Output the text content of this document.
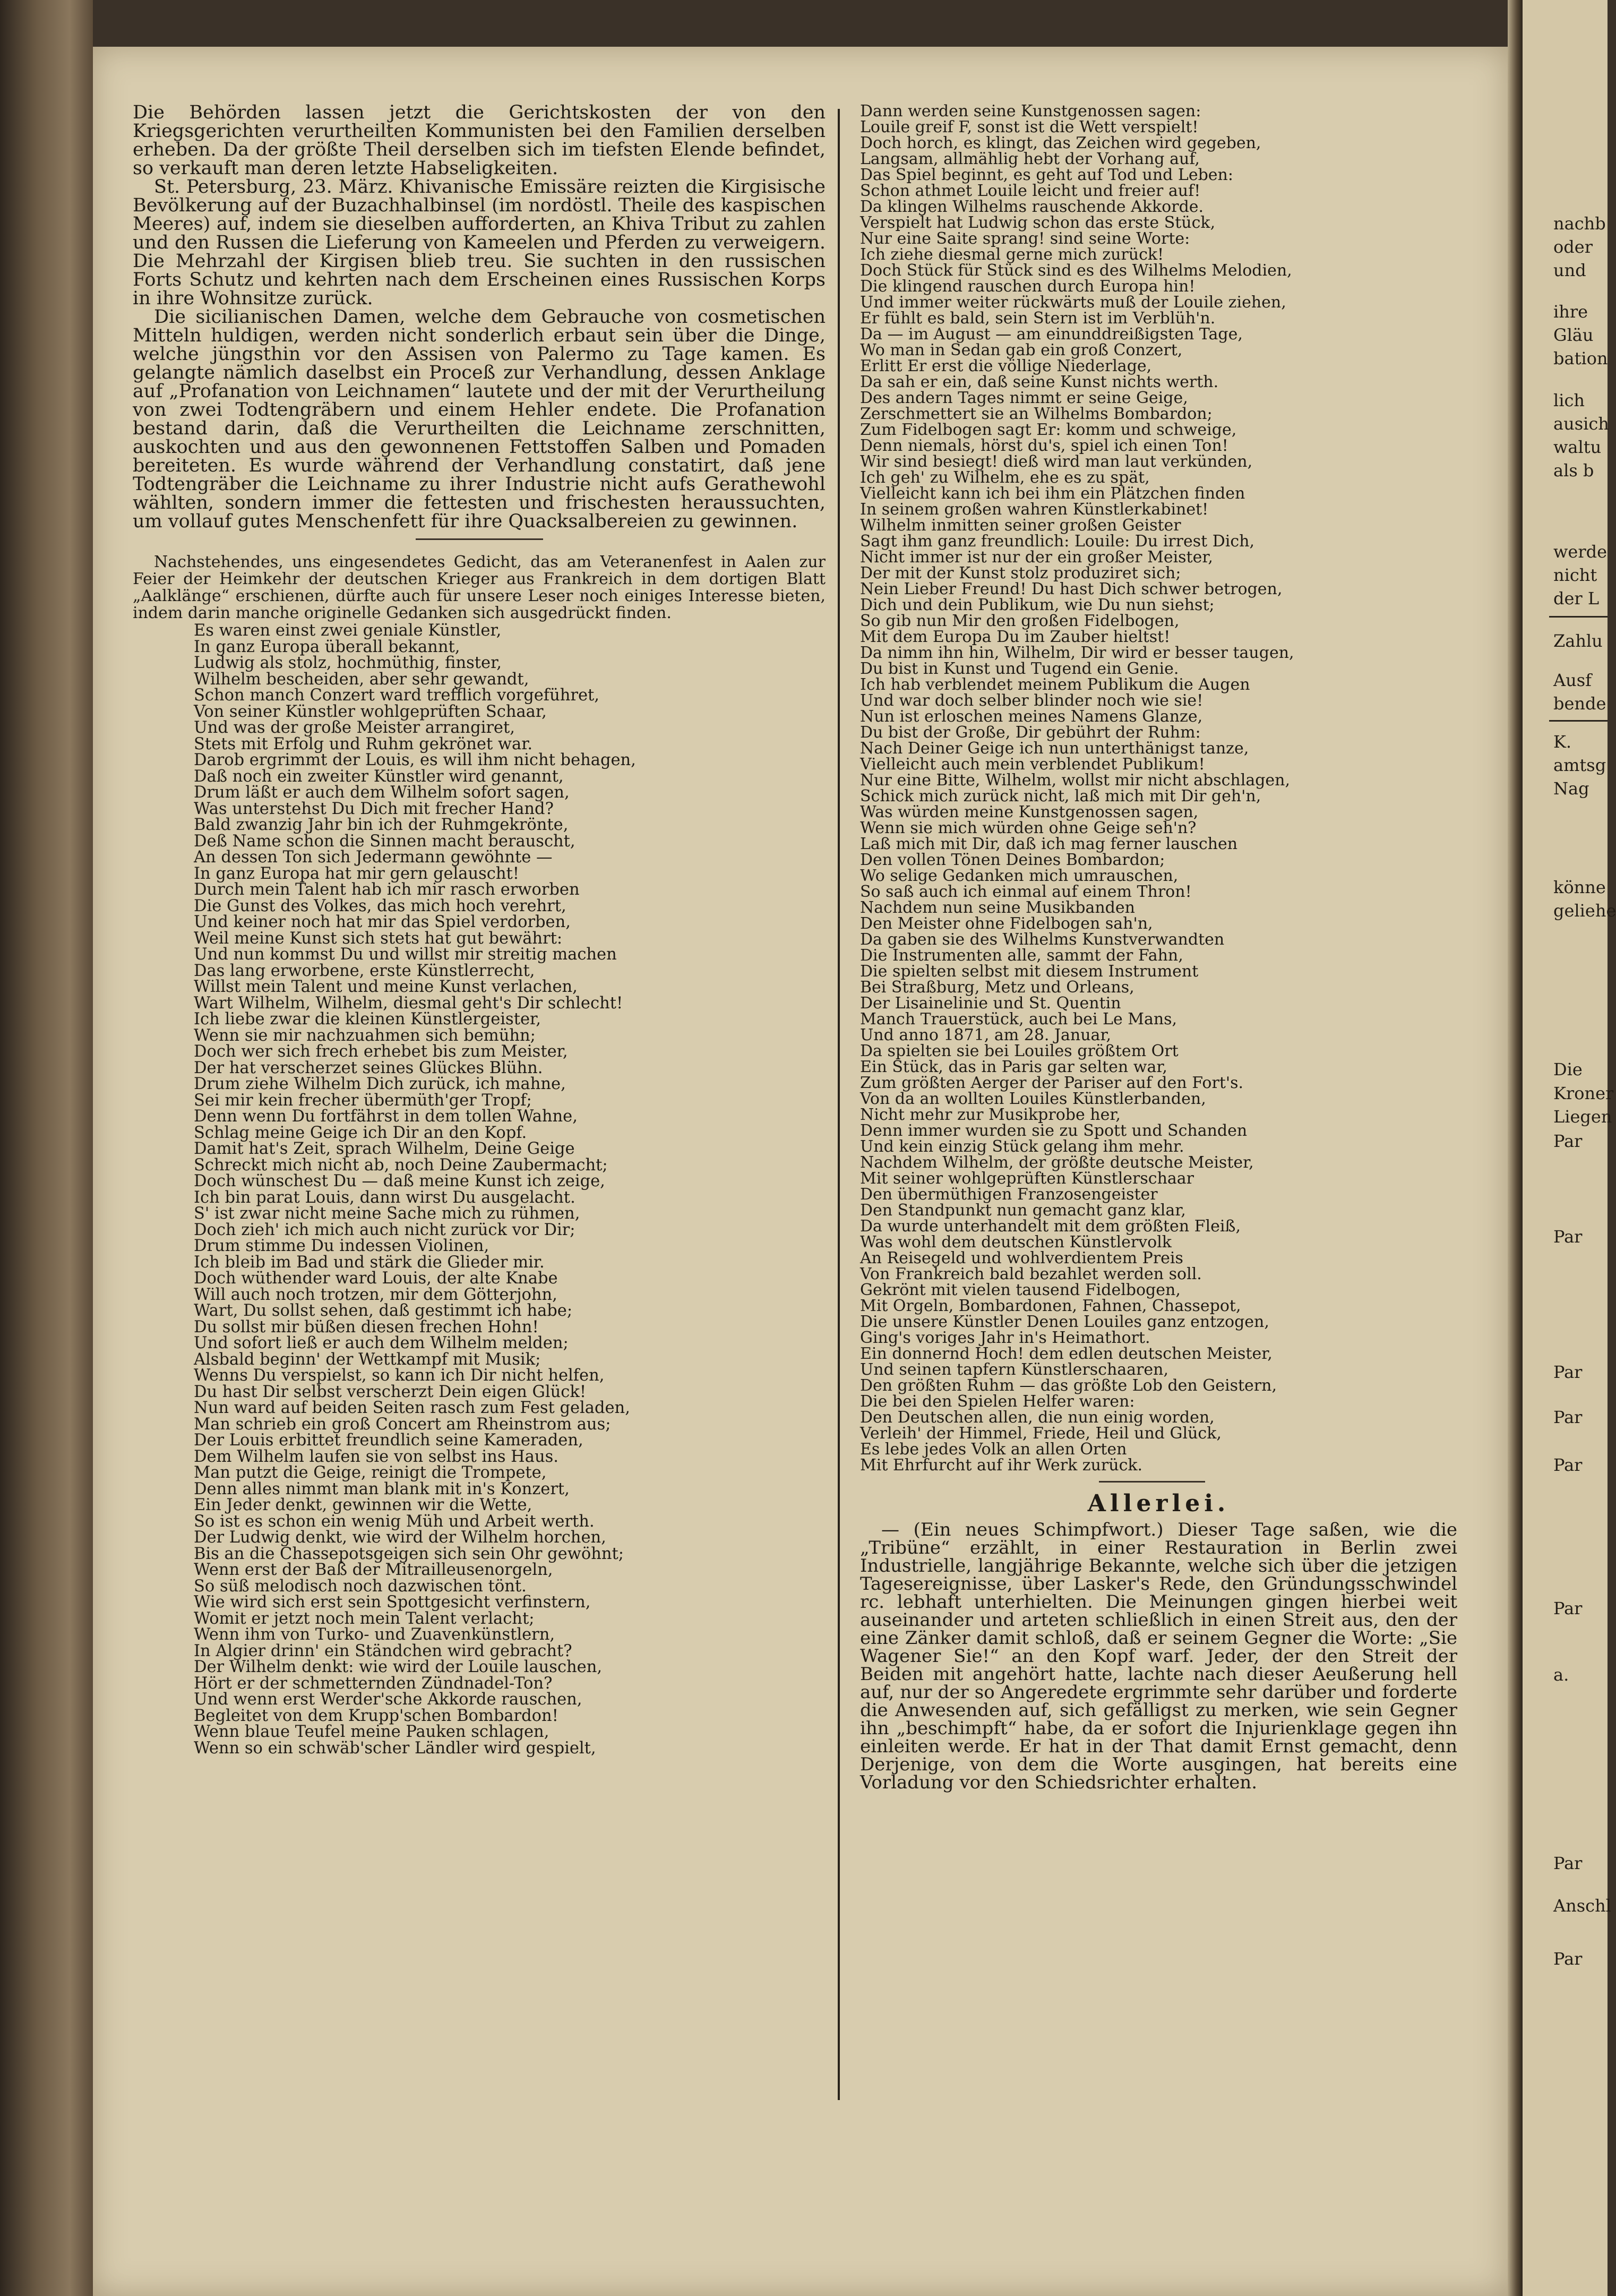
nachb
oder
und
ihre
Gläu
bation
lich
ausich
waltu
als b
werde
nicht
der L
Zahlu
Ausf
bende
K.
amtsg
Nag
könne
geliehe
Die
Kroner
Liegen
Par
Par
Par
Par
Par
Par
a.
Par
Anschl
Par

Die Behörden lassen jetzt die Gerichtskosten der von den Kriegsgerichten verurtheilten Kommunisten bei den Familien derselben erheben. Da der größte Theil derselben sich im tiefsten Elende befindet, so verkauft man deren letzte Habseligkeiten.

St. Petersburg, 23. März. Khivanische Emissäre reizten die Kirgisische Bevölkerung auf der Buzachhalbinsel (im nordöstl. Theile des kaspischen Meeres) auf, indem sie dieselben aufforderten, an Khiva Tribut zu zahlen und den Russen die Lieferung von Kameelen und Pferden zu verweigern. Die Mehrzahl der Kirgisen blieb treu. Sie suchten in den russischen Forts Schutz und kehrten nach dem Erscheinen eines Russischen Korps in ihre Wohnsitze zurück.

Die sicilianischen Damen, welche dem Gebrauche von cosmetischen Mitteln huldigen, werden nicht sonderlich erbaut sein über die Dinge, welche jüngsthin vor den Assisen von Palermo zu Tage kamen. Es gelangte nämlich daselbst ein Proceß zur Verhandlung, dessen Anklage auf „Profanation von Leichnamen“ lautete und der mit der Verurtheilung von zwei Todtengräbern und einem Hehler endete. Die Profanation bestand darin, daß die Verurtheilten die Leichname zerschnitten, auskochten und aus den gewonnenen Fettstoffen Salben und Pomaden bereiteten. Es wurde während der Verhandlung constatirt, daß jene Todtengräber die Leichname zu ihrer Industrie nicht aufs Gerathewohl wählten, sondern immer die fettesten und frischesten heraussuchten, um vollauf gutes Menschenfett für ihre Quacksalbereien zu gewinnen.

Nachstehendes, uns eingesendetes Gedicht, das am Veteranenfest in Aalen zur Feier der Heimkehr der deutschen Krieger aus Frankreich in dem dortigen Blatt „Aalklänge“ erschienen, dürfte auch für unsere Leser noch einiges Interesse bieten, indem darin manche originelle Gedanken sich ausgedrückt finden.

Es waren einst zwei geniale Künstler,
In ganz Europa überall bekannt,
Ludwig als stolz, hochmüthig, finster,
Wilhelm bescheiden, aber sehr gewandt,
Schon manch Conzert ward trefflich vorgeführet,
Von seiner Künstler wohlgeprüften Schaar,
Und was der große Meister arrangiret,
Stets mit Erfolg und Ruhm gekrönet war.
Darob ergrimmt der Louis, es will ihm nicht behagen,
Daß noch ein zweiter Künstler wird genannt,
Drum läßt er auch dem Wilhelm sofort sagen,
Was unterstehst Du Dich mit frecher Hand?
Bald zwanzig Jahr bin ich der Ruhmgekrönte,
Deß Name schon die Sinnen macht berauscht,
An dessen Ton sich Jedermann gewöhnte —
In ganz Europa hat mir gern gelauscht!
Durch mein Talent hab ich mir rasch erworben
Die Gunst des Volkes, das mich hoch verehrt,
Und keiner noch hat mir das Spiel verdorben,
Weil meine Kunst sich stets hat gut bewährt:
Und nun kommst Du und willst mir streitig machen
Das lang erworbene, erste Künstlerrecht,
Willst mein Talent und meine Kunst verlachen,
Wart Wilhelm, Wilhelm, diesmal geht's Dir schlecht!
Ich liebe zwar die kleinen Künstlergeister,
Wenn sie mir nachzuahmen sich bemühn;
Doch wer sich frech erhebet bis zum Meister,
Der hat verscherzet seines Glückes Blühn.
Drum ziehe Wilhelm Dich zurück, ich mahne,
Sei mir kein frecher übermüth'ger Tropf;
Denn wenn Du fortfährst in dem tollen Wahne,
Schlag meine Geige ich Dir an den Kopf.
Damit hat's Zeit, sprach Wilhelm, Deine Geige
Schreckt mich nicht ab, noch Deine Zaubermacht;
Doch wünschest Du — daß meine Kunst ich zeige,
Ich bin parat Louis, dann wirst Du ausgelacht.
S' ist zwar nicht meine Sache mich zu rühmen,
Doch zieh' ich mich auch nicht zurück vor Dir;
Drum stimme Du indessen Violinen,
Ich bleib im Bad und stärk die Glieder mir.
Doch wüthender ward Louis, der alte Knabe
Will auch noch trotzen, mir dem Götterjohn,
Wart, Du sollst sehen, daß gestimmt ich habe;
Du sollst mir büßen diesen frechen Hohn!
Und sofort ließ er auch dem Wilhelm melden;
Alsbald beginn' der Wettkampf mit Musik;
Wenns Du verspielst, so kann ich Dir nicht helfen,
Du hast Dir selbst verscherzt Dein eigen Glück!
Nun ward auf beiden Seiten rasch zum Fest geladen,
Man schrieb ein groß Concert am Rheinstrom aus;
Der Louis erbittet freundlich seine Kameraden,
Dem Wilhelm laufen sie von selbst ins Haus.
Man putzt die Geige, reinigt die Trompete,
Denn alles nimmt man blank mit in's Konzert,
Ein Jeder denkt, gewinnen wir die Wette,
So ist es schon ein wenig Müh und Arbeit werth.
Der Ludwig denkt, wie wird der Wilhelm horchen,
Bis an die Chassepotsgeigen sich sein Ohr gewöhnt;
Wenn erst der Baß der Mitrailleusenorgeln,
So süß melodisch noch dazwischen tönt.
Wie wird sich erst sein Spottgesicht verfinstern,
Womit er jetzt noch mein Talent verlacht;
Wenn ihm von Turko- und Zuavenkünstlern,
In Algier drinn' ein Ständchen wird gebracht?
Der Wilhelm denkt: wie wird der Louile lauschen,
Hört er der schmetternden Zündnadel-Ton?
Und wenn erst Werder'sche Akkorde rauschen,
Begleitet von dem Krupp'schen Bombardon!
Wenn blaue Teufel meine Pauken schlagen,
Wenn so ein schwäb'scher Ländler wird gespielt,
Dann werden seine Kunstgenossen sagen:
Louile greif F, sonst ist die Wett verspielt!
Doch horch, es klingt, das Zeichen wird gegeben,
Langsam, allmählig hebt der Vorhang auf,
Das Spiel beginnt, es geht auf Tod und Leben:
Schon athmet Louile leicht und freier auf!
Da klingen Wilhelms rauschende Akkorde.
Verspielt hat Ludwig schon das erste Stück,
Nur eine Saite sprang! sind seine Worte:
Ich ziehe diesmal gerne mich zurück!
Doch Stück für Stück sind es des Wilhelms Melodien,
Die klingend rauschen durch Europa hin!
Und immer weiter rückwärts muß der Louile ziehen,
Er fühlt es bald, sein Stern ist im Verblüh'n.
Da — im August — am einunddreißigsten Tage,
Wo man in Sedan gab ein groß Conzert,
Erlitt Er erst die völlige Niederlage,
Da sah er ein, daß seine Kunst nichts werth.
Des andern Tages nimmt er seine Geige,
Zerschmettert sie an Wilhelms Bombardon;
Zum Fidelbogen sagt Er: komm und schweige,
Denn niemals, hörst du's, spiel ich einen Ton!
Wir sind besiegt! dieß wird man laut verkünden,
Ich geh' zu Wilhelm, ehe es zu spät,
Vielleicht kann ich bei ihm ein Plätzchen finden
In seinem großen wahren Künstlerkabinet!
Wilhelm inmitten seiner großen Geister
Sagt ihm ganz freundlich: Louile: Du irrest Dich,
Nicht immer ist nur der ein großer Meister,
Der mit der Kunst stolz produziret sich;
Nein Lieber Freund! Du hast Dich schwer betrogen,
Dich und dein Publikum, wie Du nun siehst;
So gib nun Mir den großen Fidelbogen,
Mit dem Europa Du im Zauber hieltst!
Da nimm ihn hin, Wilhelm, Dir wird er besser taugen,
Du bist in Kunst und Tugend ein Genie.
Ich hab verblendet meinem Publikum die Augen
Und war doch selber blinder noch wie sie!
Nun ist erloschen meines Namens Glanze,
Du bist der Große, Dir gebührt der Ruhm:
Nach Deiner Geige ich nun unterthänigst tanze,
Vielleicht auch mein verblendet Publikum!
Nur eine Bitte, Wilhelm, wollst mir nicht abschlagen,
Schick mich zurück nicht, laß mich mit Dir geh'n,
Was würden meine Kunstgenossen sagen,
Wenn sie mich würden ohne Geige seh'n?
Laß mich mit Dir, daß ich mag ferner lauschen
Den vollen Tönen Deines Bombardon;
Wo selige Gedanken mich umrauschen,
So saß auch ich einmal auf einem Thron!
Nachdem nun seine Musikbanden
Den Meister ohne Fidelbogen sah'n,
Da gaben sie des Wilhelms Kunstverwandten
Die Instrumenten alle, sammt der Fahn,
Die spielten selbst mit diesem Instrument
Bei Straßburg, Metz und Orleans,
Der Lisainelinie und St. Quentin
Manch Trauerstück, auch bei Le Mans,
Und anno 1871, am 28. Januar,
Da spielten sie bei Louiles größtem Ort
Ein Stück, das in Paris gar selten war,
Zum größten Aerger der Pariser auf den Fort's.
Von da an wollten Louiles Künstlerbanden,
Nicht mehr zur Musikprobe her,
Denn immer wurden sie zu Spott und Schanden
Und kein einzig Stück gelang ihm mehr.
Nachdem Wilhelm, der größte deutsche Meister,
Mit seiner wohlgeprüften Künstlerschaar
Den übermüthigen Franzosengeister
Den Standpunkt nun gemacht ganz klar,
Da wurde unterhandelt mit dem größten Fleiß,
Was wohl dem deutschen Künstlervolk
An Reisegeld und wohlverdientem Preis
Von Frankreich bald bezahlet werden soll.
Gekrönt mit vielen tausend Fidelbogen,
Mit Orgeln, Bombardonen, Fahnen, Chassepot,
Die unsere Künstler Denen Louiles ganz entzogen,
Ging's voriges Jahr in's Heimathort.
Ein donnernd Hoch! dem edlen deutschen Meister,
Und seinen tapfern Künstlerschaaren,
Den größten Ruhm — das größte Lob den Geistern,
Die bei den Spielen Helfer waren:
Den Deutschen allen, die nun einig worden,
Verleih' der Himmel, Friede, Heil und Glück,
Es lebe jedes Volk an allen Orten
Mit Ehrfurcht auf ihr Werk zurück.
Allerlei.

— (Ein neues Schimpfwort.) Dieser Tage saßen, wie die „Tribüne“ erzählt, in einer Restauration in Berlin zwei Industrielle, langjährige Bekannte, welche sich über die jetzigen Tagesereignisse, über Lasker's Rede, den Gründungsschwindel rc. lebhaft unterhielten. Die Meinungen gingen hierbei weit auseinander und arteten schließlich in einen Streit aus, den der eine Zänker damit schloß, daß er seinem Gegner die Worte: „Sie Wagener Sie!“ an den Kopf warf. Jeder, der den Streit der Beiden mit angehört hatte, lachte nach dieser Aeußerung hell auf, nur der so Angeredete ergrimmte sehr darüber und forderte die Anwesenden auf, sich gefälligst zu merken, wie sein Gegner ihn „beschimpft“ habe, da er sofort die Injurienklage gegen ihn einleiten werde. Er hat in der That damit Ernst gemacht, denn Derjenige, von dem die Worte ausgingen, hat bereits eine Vorladung vor den Schiedsrichter erhalten.
